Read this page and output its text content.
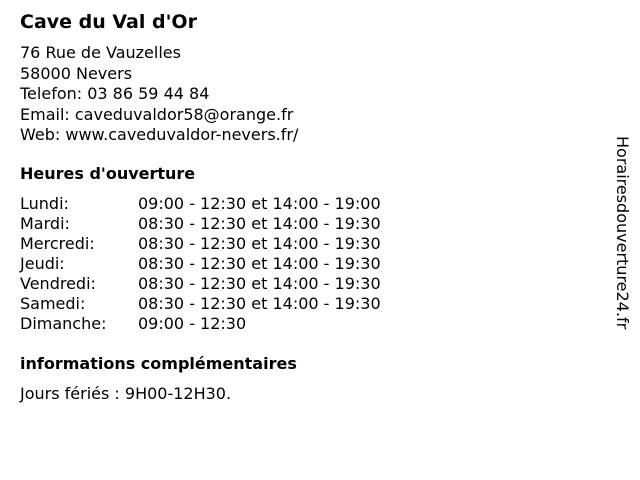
Cave du Val d'Or
76 Rue de Vauzelles
58000 Nevers
Telefon: 03 86 59 44 84
Email: caveduvaldor58@orange.fr
Web: www.caveduvaldor-nevers.fr/
Heures d'ouverture
Lundi:	09:00 - 12:30 et 14:00 - 19:00
Mardi:	08:30 - 12:30 et 14:00 - 19:30
Mercredi:	08:30 - 12:30 et 14:00 - 19:30
Jeudi:	08:30 - 12:30 et 14:00 - 19:30
Vendredi:	08:30 - 12:30 et 14:00 - 19:30
Samedi:	08:30 - 12:30 et 14:00 - 19:30
Dimanche: 09:00 - 12:30
informations complémentaires
Jours fériés : 9H00-12H30.
Horairesdouverture24.fr
